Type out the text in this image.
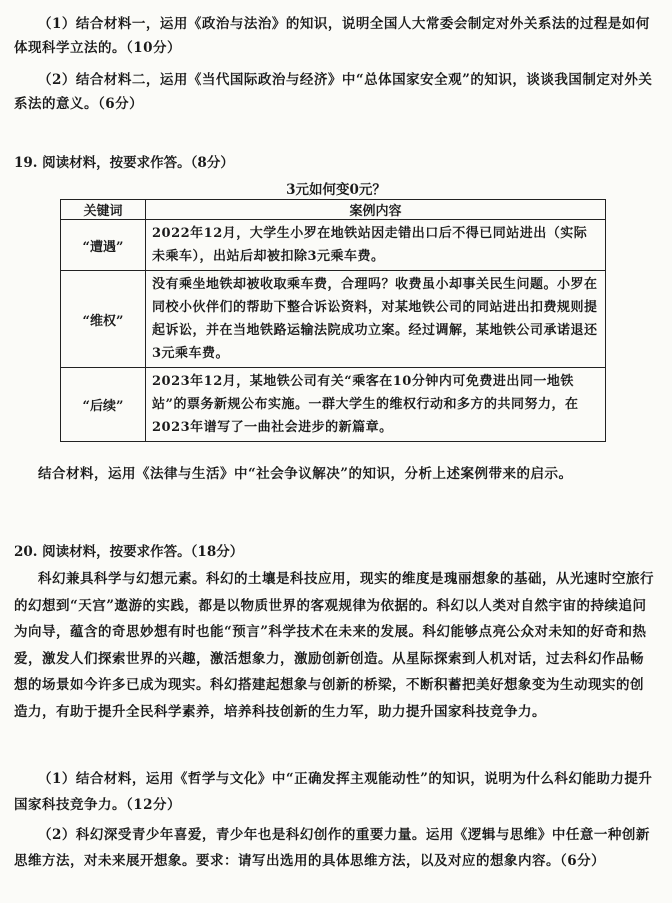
（1）结合材料一，运用《政治与法治》的知识，说明全国人大常委会制定对外关系法的过程是如何体现科学立法的。（10分）
（2）结合材料二，运用《当代国际政治与经济》中“总体国家安全观”的知识，谈谈我国制定对外关系法的意义。（6分）
19. 阅读材料，按要求作答。（8分）
3元如何变0元？
关键词	案例内容
“遭遇”	2022年12月，大学生小罗在地铁站因走错出口后不得已同站进出（实际未乘车），出站后却被扣除3元乘车费。
“维权”	没有乘坐地铁却被收取乘车费，合理吗？收费虽小却事关民生问题。小罗在同校小伙伴们的帮助下整合诉讼资料，对某地铁公司的同站进出扣费规则提起诉讼，并在当地铁路运输法院成功立案。经过调解，某地铁公司承诺退还3元乘车费。
“后续”	2023年12月，某地铁公司有关“乘客在10分钟内可免费进出同一地铁站”的票务新规公布实施。一群大学生的维权行动和多方的共同努力，在2023年谱写了一曲社会进步的新篇章。
结合材料，运用《法律与生活》中“社会争议解决”的知识，分析上述案例带来的启示。
20. 阅读材料，按要求作答。（18分）
科幻兼具科学与幻想元素。科幻的土壤是科技应用，现实的维度是瑰丽想象的基础，从光速时空旅行的幻想到“天宫”遨游的实践，都是以物质世界的客观规律为依据的。科幻以人类对自然宇宙的持续追问为向导，蕴含的奇思妙想有时也能“预言”科学技术在未来的发展。科幻能够点亮公众对未知的好奇和热爱，激发人们探索世界的兴趣，激活想象力，激励创新创造。从星际探索到人机对话，过去科幻作品畅想的场景如今许多已成为现实。科幻搭建起想象与创新的桥梁，不断积蓄把美好想象变为生动现实的创造力，有助于提升全民科学素养，培养科技创新的生力军，助力提升国家科技竞争力。
（1）结合材料，运用《哲学与文化》中“正确发挥主观能动性”的知识，说明为什么科幻能助力提升国家科技竞争力。（12分）
（2）科幻深受青少年喜爱，青少年也是科幻创作的重要力量。运用《逻辑与思维》中任意一种创新思维方法，对未来展开想象。要求：请写出选用的具体思维方法，以及对应的想象内容。（6分）
